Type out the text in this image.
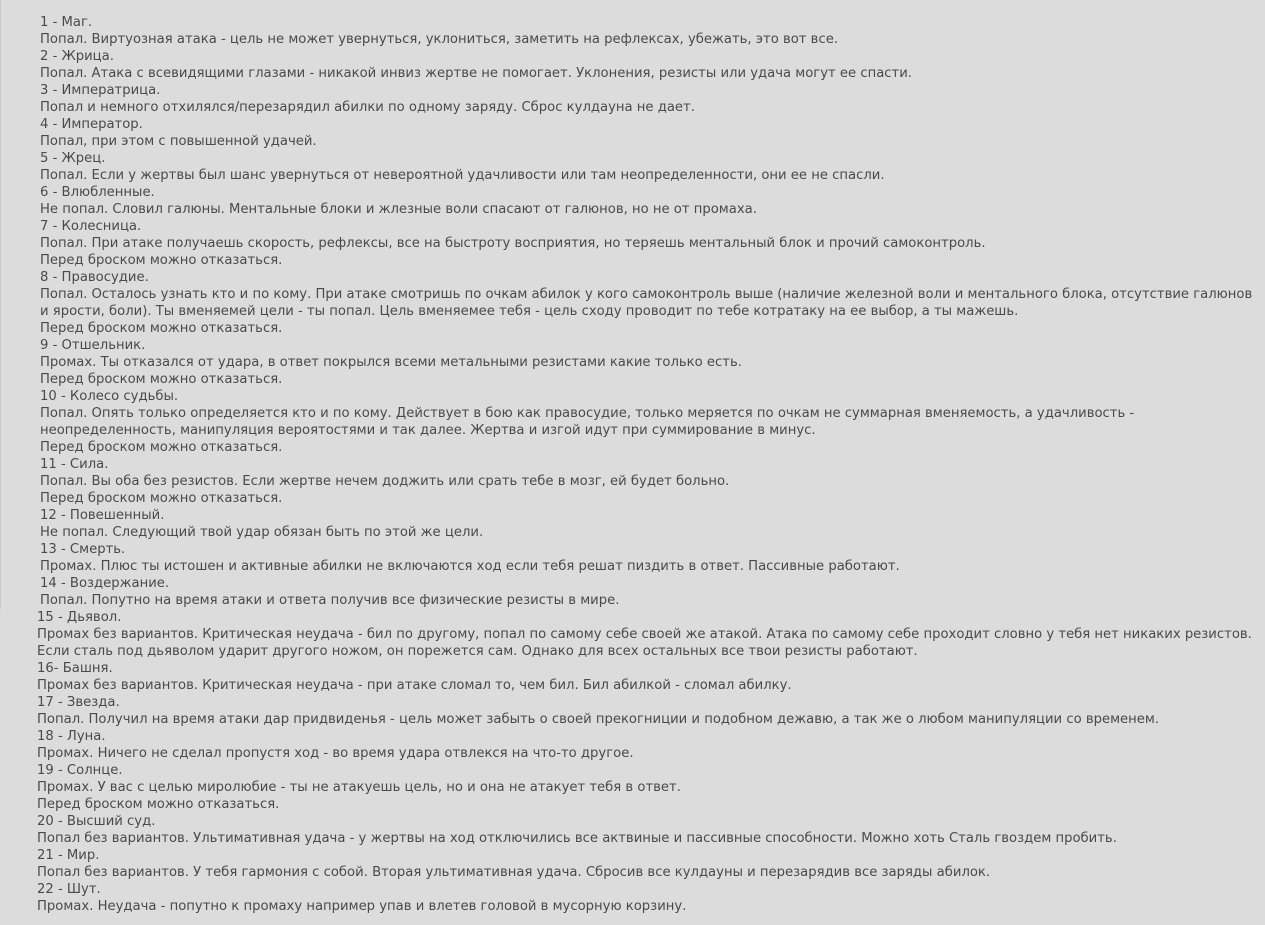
1 - Маг.
Попал. Виртуозная атака - цель не может увернуться, уклониться, заметить на рефлексах, убежать, это вот все.
2 - Жрица.
Попал. Атака с всевидящими глазами - никакой инвиз жертве не помогает. Уклонения, резисты или удача могут ее спасти.
3 - Императрица.
Попал и немного отхилялся/перезарядил абилки по одному заряду. Сброс кулдауна не дает.
4 - Император.
Попал, при этом с повышенной удачей.
5 - Жрец.
Попал. Если у жертвы был шанс увернуться от невероятной удачливости или там неопределенности, они ее не спасли.
6 - Влюбленные.
Не попал. Словил галюны. Ментальные блоки и жлезные воли спасают от галюнов, но не от промаха.
7 - Колесница.
Попал. При атаке получаешь скорость, рефлексы, все на быстроту восприятия, но теряешь ментальный блок и прочий самоконтроль.
Перед броском можно отказаться.
8 - Правосудие.
Попал. Осталось узнать кто и по кому. При атаке смотришь по очкам абилок у кого самоконтроль выше (наличие железной воли и ментального блока, отсутствие галюнов и ярости, боли). Ты вменяемей цели - ты попал. Цель вменяемее тебя - цель сходу проводит по тебе котратаку на ее выбор, а ты мажешь.
Перед броском можно отказаться.
9 - Отшельник.
Промах. Ты отказался от удара, в ответ покрылся всеми метальными резистами какие только есть.
Перед броском можно отказаться.
10 - Колесо судьбы.
Попал. Опять только определяется кто и по кому. Действует в бою как правосудие, только меряется по очкам не суммарная вменяемость, а удачливость - неопределенность, манипуляция вероятостями и так далее. Жертва и изгой идут при суммирование в минус.
Перед броском можно отказаться.
11 - Сила.
Попал. Вы оба без резистов. Если жертве нечем доджить или срать тебе в мозг, ей будет больно.
Перед броском можно отказаться.
12 - Повешенный.
Не попал. Следующий твой удар обязан быть по этой же цели.
13 - Смерть.
Промах. Плюс ты истошен и активные абилки не включаются ход если тебя решат пиздить в ответ. Пассивные работают.
14 - Воздержание.
Попал. Попутно на время атаки и ответа получив все физические резисты в мире.
15 - Дьявол.
Промах без вариантов. Критическая неудача - бил по другому, попал по самому себе своей же атакой. Атака по самому себе проходит словно у тебя нет никаких резистов. Если сталь под дьяволом ударит другого ножом, он порежется сам. Однако для всех остальных все твои резисты работают.
16- Башня.
Промах без вариантов. Критическая неудача - при атаке сломал то, чем бил. Бил абилкой - сломал абилку.
17 - Звезда.
Попал. Получил на время атаки дар придвиденья - цель может забыть о своей прекогниции и подобном дежавю, а так же о любом манипуляции со временем.
18 - Луна.
Промах. Ничего не сделал пропустя ход - во время удара отвлекся на что-то другое.
19 - Солнце.
Промах. У вас с целью миролюбие - ты не атакуешь цель, но и она не атакует тебя в ответ.
Перед броском можно отказаться.
20 - Высший суд.
Попал без вариантов. Ультимативная удача - у жертвы на ход отключились все актвиные и пассивные способности. Можно хоть Сталь гвоздем пробить.
21 - Мир.
Попал без вариантов. У тебя гармония с собой. Вторая ультимативная удача. Сбросив все кулдауны и перезарядив все заряды абилок.
22 - Шут.
Промах. Неудача - попутно к промаху например упав и влетев головой в мусорную корзину.
